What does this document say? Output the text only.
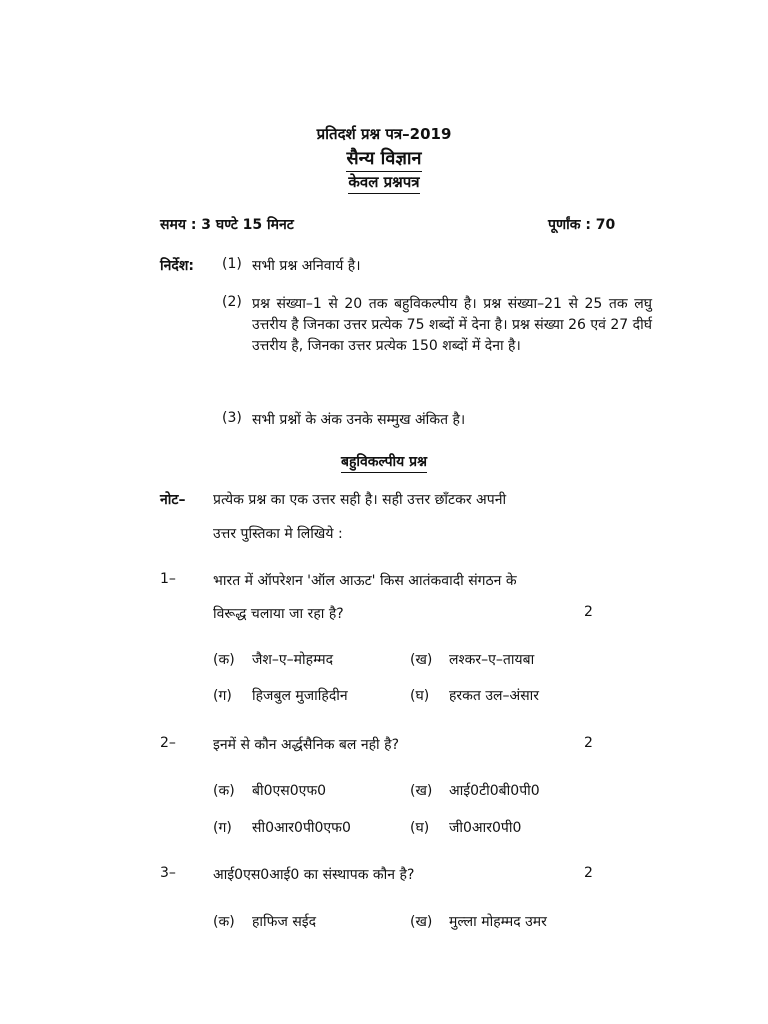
प्रतिदर्श प्रश्न पत्र–2019
सैन्य विज्ञान
केवल प्रश्नपत्र
समय : 3 घण्टे 15 मिनट	पूर्णांक : 70
निर्देश: (1) सभी प्रश्न अनिवार्य है।
(2) प्रश्न संख्या–1 से 20 तक बहुविकल्पीय है। प्रश्न संख्या–21 से 25 तक लघु उत्तरीय है जिनका उत्तर प्रत्येक 75 शब्दों में देना है। प्रश्न संख्या 26 एवं 27 दीर्घ उत्तरीय है, जिनका उत्तर प्रत्येक 150 शब्दों में देना है।
(3) सभी प्रश्नों के अंक उनके सम्मुख अंकित है।
बहुविकल्पीय प्रश्न
नोट– प्रत्येक प्रश्न का एक उत्तर सही है। सही उत्तर छाँटकर अपनी
उत्तर पुस्तिका मे लिखिये :
1–	भारत में ऑपरेशन 'ऑल आऊट' किस आतंकवादी संगठन के
विरूद्ध चलाया जा रहा है?	2
(क) जैश–ए–मोहम्मद	(ख) लश्कर–ए–तायबा
(ग) हिजबुल मुजाहिदीन	(घ) हरकत उल–अंसार
2–	इनमें से कौन अर्द्धसैनिक बल नही है?	2
(क) बी0एस0एफ0	(ख) आई0टी0बी0पी0
(ग) सी0आर0पी0एफ0	(घ) जी0आर0पी0
3–	आई0एस0आई0 का संस्थापक कौन है?	2
(क) हाफिज सईद	(ख) मुल्ला मोहम्मद उमर
